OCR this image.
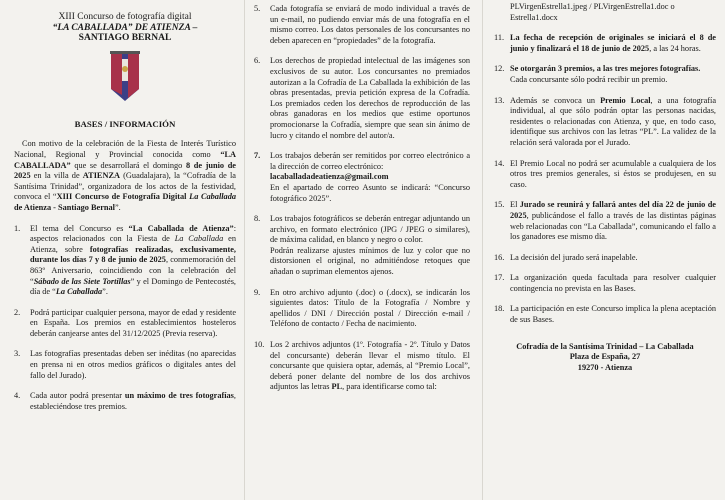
XIII Concurso de fotografía digital

“LA CABALLADA” DE ATIENZA –

SANTIAGO BERNAL

BASES / INFORMACIÓN

Con motivo de la celebración de la Fiesta de Interés Turístico Nacional, Regional y Provincial conocida como “LA CABALLADA” que se desarrollará el domingo 8 de junio de 2025 en la villa de ATIENZA (Guadalajara), la “Cofradía de la Santísima Trinidad”, organizadora de los actos de la festividad, convoca el “XIII Concurso de Fotografía Digital La Caballada de Atienza - Santiago Bernal”.

1.	El tema del Concurso es “La Caballada de Atienza”: aspectos relacionados con la Fiesta de La Caballada en Atienza, sobre fotografías realizadas, exclusivamente, durante los días 7 y 8 de junio de 2025, conmemoración del 863º Aniversario, coincidiendo con la celebración del “Sábado de las Siete Tortillas” y el Domingo de Pentecostés, día de “La Caballada”.

2.	Podrá participar cualquier persona, mayor de edad y residente en España. Los premios en establecimientos hosteleros deberán canjearse antes del 31/12/2025 (Previa reserva).

3.	Las fotografías presentadas deben ser inéditas (no aparecidas en prensa ni en otros medios gráficos o digitales antes del fallo del Jurado).

4.	Cada autor podrá presentar un máximo de tres fotografías, estableciéndose tres premios.

5.	Cada fotografía se enviará de modo individual a través de un e-mail, no pudiendo enviar más de una fotografía en el mismo correo. Los datos personales de los concursantes no deben aparecen en “propiedades” de la fotografía.

6.	Los derechos de propiedad intelectual de las imágenes son exclusivos de su autor. Los concursantes no premiados autorizan a la Cofradía de La Caballada la exhibición de las obras presentadas, previa petición expresa de la Cofradía. Los premiados ceden los derechos de reproducción de las obras ganadoras en los medios que estime oportunos promocionarse la Cofradía, siempre que sean sin ánimo de lucro y citando el nombre del autor/a.

7.	Los trabajos deberán ser remitidos por correo electrónico a la dirección de correo electrónico:

lacaballadadeatienza@gmail.com

En el apartado de correo Asunto se indicará: “Concurso fotográfico 2025”.

8.	Los trabajos fotográficos se deberán entregar adjuntando un archivo, en formato electrónico (JPG / JPEG o similares), de máxima calidad, en blanco y negro o color.

Podrán realizarse ajustes mínimos de luz y color que no distorsionen el original, no admitiéndose retoques que añadan o supriman elementos ajenos.

9.	En otro archivo adjunto (.doc) o (.docx), se indicarán los siguientes datos: Título de la Fotografía / Nombre y apellidos / DNI / Dirección postal / Dirección e-mail / Teléfono de contacto / Fecha de nacimiento.

10. Los 2 archivos adjuntos (1º. Fotografía - 2º. Título y Datos del concursante) deberán llevar el mismo título. El concursante que quisiera optar, además, al “Premio Local”, deberá poner delante del nombre de los dos archivos adjuntos las letras PL, para identificarse como tal:

PLVirgenEstrella1.jpeg / PLVirgenEstrella1.doc o Estrella1.docx

11. La fecha de recepción de originales se iniciará el 8 de junio y finalizará el 18 de junio de 2025, a las 24 horas.

12. Se otorgarán 3 premios, a las tres mejores fotografías.

Cada concursante sólo podrá recibir un premio.

13. Además se convoca un Premio Local, a una fotografía individual, al que sólo podrán optar las personas nacidas, residentes o relacionadas con Atienza, y que, en todo caso, identifique sus archivos con las letras “PL”. La validez de la relación será valorada por el Jurado.

14. El Premio Local no podrá ser acumulable a cualquiera de los otros tres premios generales, si éstos se produjesen, en su caso.

15. El Jurado se reunirá y fallará antes del día 22 de junio de 2025, publicándose el fallo a través de las distintas páginas web relacionadas con “La Caballada”, comunicando el fallo a los ganadores ese mismo día.

16. La decisión del jurado será inapelable.

17. La organización queda facultada para resolver cualquier contingencia no prevista en las Bases.

18. La participación en este Concurso implica la plena aceptación de sus Bases.

Cofradía de la Santísima Trinidad – La Caballada

Plaza de España, 27

19270 - Atienza
